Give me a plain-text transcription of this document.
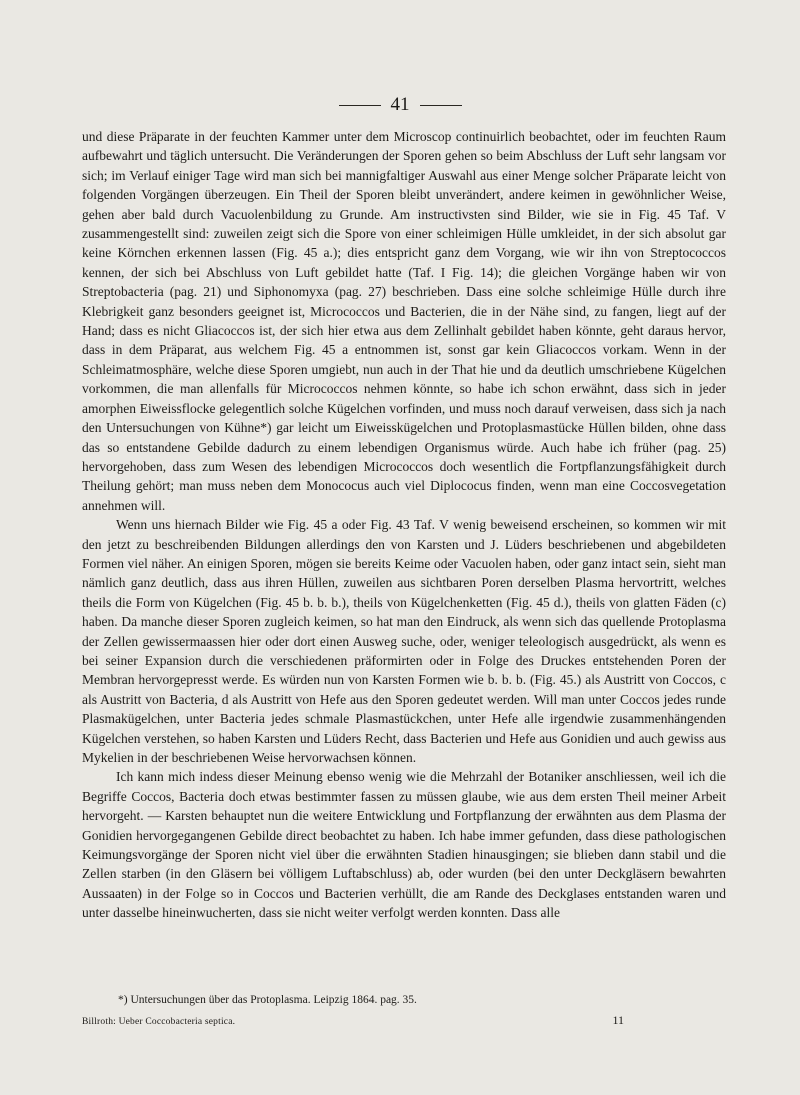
41

und diese Präparate in der feuchten Kammer unter dem Microscop continuirlich beobachtet, oder im feuchten Raum aufbewahrt und täglich untersucht. Die Veränderungen der Sporen gehen so beim Abschluss der Luft sehr langsam vor sich; im Verlauf einiger Tage wird man sich bei mannigfaltiger Auswahl aus einer Menge solcher Präparate leicht von folgenden Vorgängen überzeugen. Ein Theil der Sporen bleibt unverändert, andere keimen in gewöhnlicher Weise, gehen aber bald durch Vacuolenbildung zu Grunde. Am instructivsten sind Bilder, wie sie in Fig. 45 Taf. V zusammengestellt sind: zuweilen zeigt sich die Spore von einer schleimigen Hülle umkleidet, in der sich absolut gar keine Körnchen erkennen lassen (Fig. 45 a.); dies entspricht ganz dem Vorgang, wie wir ihn von Streptococcos kennen, der sich bei Abschluss von Luft gebildet hatte (Taf. I Fig. 14); die gleichen Vorgänge haben wir von Streptobacteria (pag. 21) und Siphonomyxa (pag. 27) beschrieben. Dass eine solche schleimige Hülle durch ihre Klebrigkeit ganz besonders geeignet ist, Micrococcos und Bacterien, die in der Nähe sind, zu fangen, liegt auf der Hand; dass es nicht Gliacoccos ist, der sich hier etwa aus dem Zellinhalt gebildet haben könnte, geht daraus hervor, dass in dem Präparat, aus welchem Fig. 45 a entnommen ist, sonst gar kein Gliacoccos vorkam. Wenn in der Schleimatmosphäre, welche diese Sporen umgiebt, nun auch in der That hie und da deutlich umschriebene Kügelchen vorkommen, die man allenfalls für Micrococcos nehmen könnte, so habe ich schon erwähnt, dass sich in jeder amorphen Eiweissflocke gelegentlich solche Kügelchen vorfinden, und muss noch darauf verweisen, dass sich ja nach den Untersuchungen von Kühne*) gar leicht um Eiweisskügelchen und Protoplasmastücke Hüllen bilden, ohne dass das so entstandene Gebilde dadurch zu einem lebendigen Organismus würde. Auch habe ich früher (pag. 25) hervorgehoben, dass zum Wesen des lebendigen Micrococcos doch wesentlich die Fortpflanzungsfähigkeit durch Theilung gehört; man muss neben dem Monococus auch viel Diplococus finden, wenn man eine Coccosvegetation annehmen will.

Wenn uns hiernach Bilder wie Fig. 45 a oder Fig. 43 Taf. V wenig beweisend erscheinen, so kommen wir mit den jetzt zu beschreibenden Bildungen allerdings den von Karsten und J. Lüders beschriebenen und abgebildeten Formen viel näher. An einigen Sporen, mögen sie bereits Keime oder Vacuolen haben, oder ganz intact sein, sieht man nämlich ganz deutlich, dass aus ihren Hüllen, zuweilen aus sichtbaren Poren derselben Plasma hervortritt, welches theils die Form von Kügelchen (Fig. 45 b. b. b.), theils von Kügelchenketten (Fig. 45 d.), theils von glatten Fäden (c) haben. Da manche dieser Sporen zugleich keimen, so hat man den Eindruck, als wenn sich das quellende Protoplasma der Zellen gewissermaassen hier oder dort einen Ausweg suche, oder, weniger teleologisch ausgedrückt, als wenn es bei seiner Expansion durch die verschiedenen präformirten oder in Folge des Druckes entstehenden Poren der Membran hervorgepresst werde. Es würden nun von Karsten Formen wie b. b. b. (Fig. 45.) als Austritt von Coccos, c als Austritt von Bacteria, d als Austritt von Hefe aus den Sporen gedeutet werden. Will man unter Coccos jedes runde Plasmakügelchen, unter Bacteria jedes schmale Plasmastückchen, unter Hefe alle irgendwie zusammenhängenden Kügelchen verstehen, so haben Karsten und Lüders Recht, dass Bacterien und Hefe aus Gonidien und auch gewiss aus Mykelien in der beschriebenen Weise hervorwachsen können.

Ich kann mich indess dieser Meinung ebenso wenig wie die Mehrzahl der Botaniker anschliessen, weil ich die Begriffe Coccos, Bacteria doch etwas bestimmter fassen zu müssen glaube, wie aus dem ersten Theil meiner Arbeit hervorgeht. — Karsten behauptet nun die weitere Entwicklung und Fortpflanzung der erwähnten aus dem Plasma der Gonidien hervorgegangenen Gebilde direct beobachtet zu haben. Ich habe immer gefunden, dass diese pathologischen Keimungsvorgänge der Sporen nicht viel über die erwähnten Stadien hinausgingen; sie blieben dann stabil und die Zellen starben (in den Gläsern bei völligem Luftabschluss) ab, oder wurden (bei den unter Deckgläsern bewahrten Aussaaten) in der Folge so in Coccos und Bacterien verhüllt, die am Rande des Deckglases entstanden waren und unter dasselbe hineinwucherten, dass sie nicht weiter verfolgt werden konnten. Dass alle

*) Untersuchungen über das Protoplasma. Leipzig 1864. pag. 35.
Billroth: Ueber Coccobacteria septica.	11
